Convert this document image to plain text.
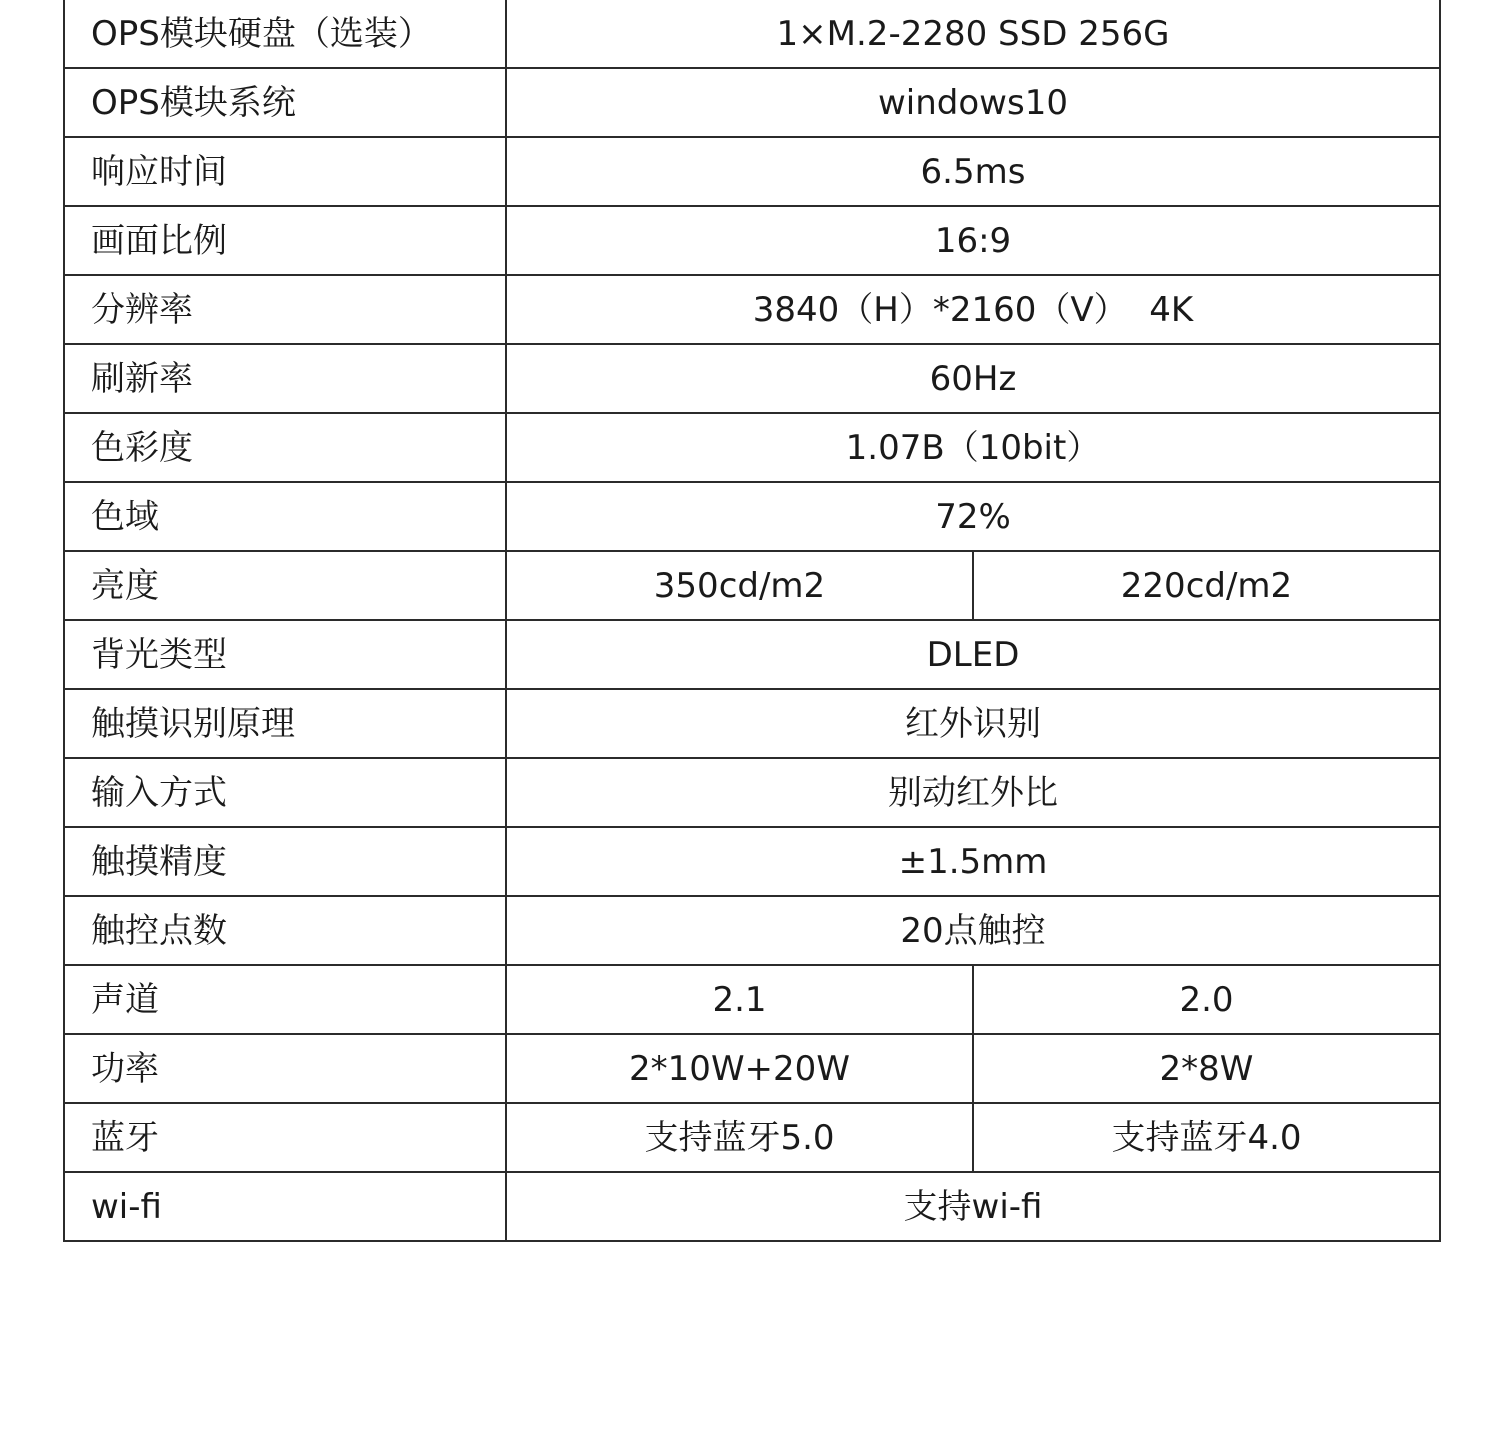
OPS模块硬盘（选装）	1×M.2-2280 SSD 256G	
OPS模块系统	windows10	
响应时间	6.5ms	
画面比例	16:9	
分辨率	3840（H）*2160（V）  4K	
刷新率	60Hz	
色彩度	1.07B（10bit）	
色域	72%	
亮度	350cd/m2	220cd/m2
背光类型	DLED	
触摸识别原理	红外识别	
输入方式	别动红外比	
触摸精度	±1.5mm	
触控点数	20点触控	
声道	2.1	2.0
功率	2*10W+20W	2*8W
蓝牙	支持蓝牙5.0	支持蓝牙4.0
wi-fi	支持wi-fi	
